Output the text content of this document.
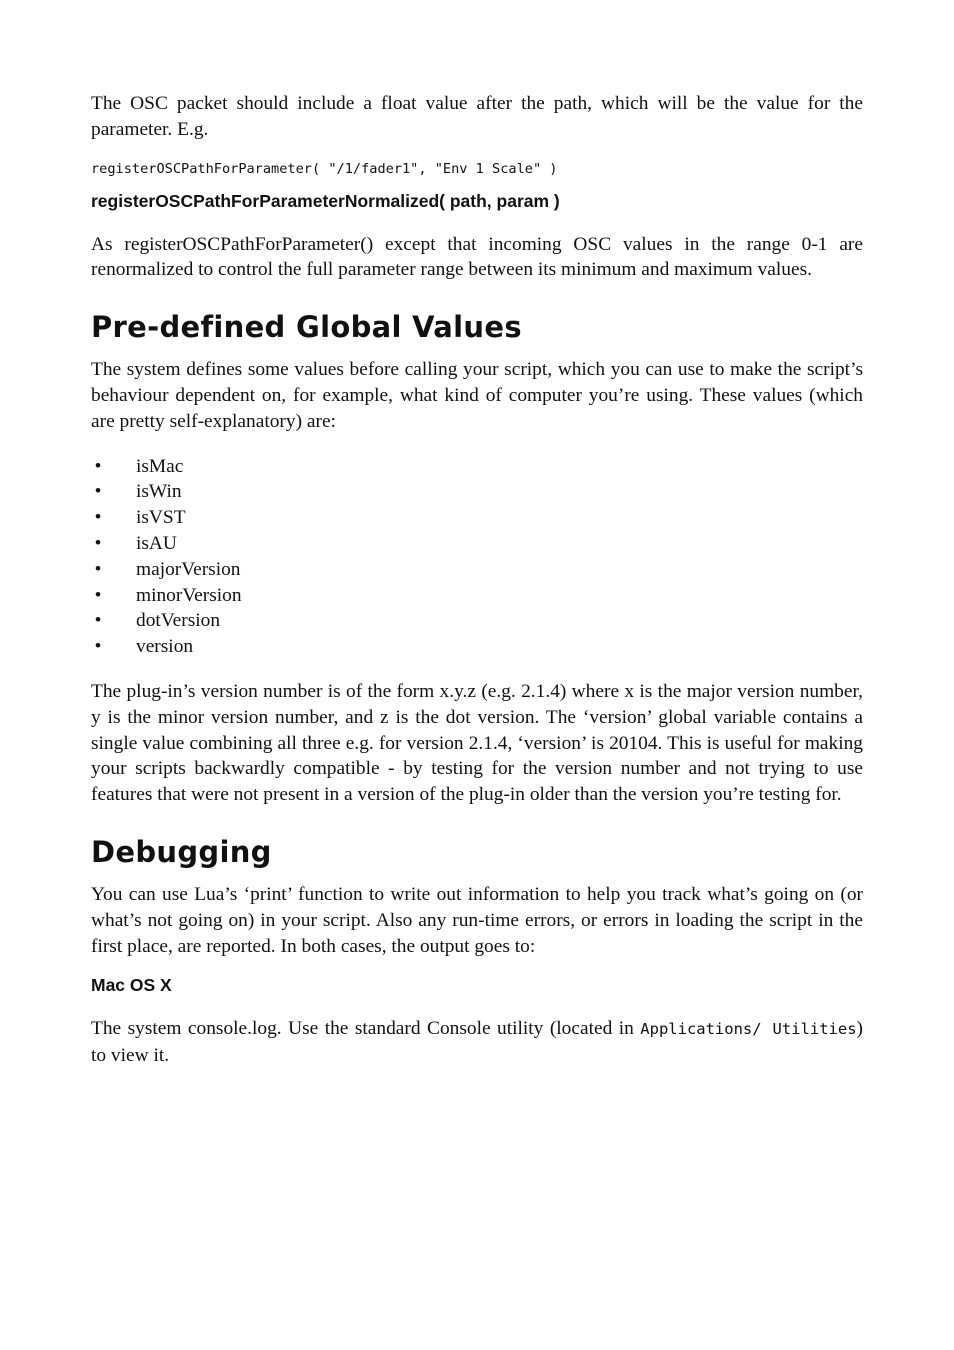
The OSC packet should include a float value after the path, which will be the value for the parameter. E.g.

registerOSCPathForParameter( "/1/fader1", "Env 1 Scale" )

registerOSCPathForParameterNormalized( path, param )

As registerOSCPathForParameter() except that incoming OSC values in the range 0-1 are renormalized to control the full parameter range between its minimum and maximum values.

Pre-defined Global Values

The system defines some values before calling your script, which you can use to make the script’s behaviour dependent on, for example, what kind of computer you’re using. These values (which are pretty self-explanatory) are:

• isMac
• isWin
• isVST
• isAU
• majorVersion
• minorVersion
• dotVersion
• version

The plug-in’s version number is of the form x.y.z (e.g. 2.1.4) where x is the major version number, y is the minor version number, and z is the dot version. The ‘version’ global variable contains a single value combining all three e.g. for version 2.1.4, ‘version’ is 20104. This is useful for making your scripts backwardly compatible - by testing for the version number and not trying to use features that were not present in a version of the plug-in older than the version you’re testing for.

Debugging

You can use Lua’s ‘print’ function to write out information to help you track what’s going on (or what’s not going on) in your script. Also any run-time errors, or errors in loading the script in the first place, are reported. In both cases, the output goes to:

Mac OS X

The system console.log. Use the standard Console utility (located in Applications/ Utilities) to view it.
